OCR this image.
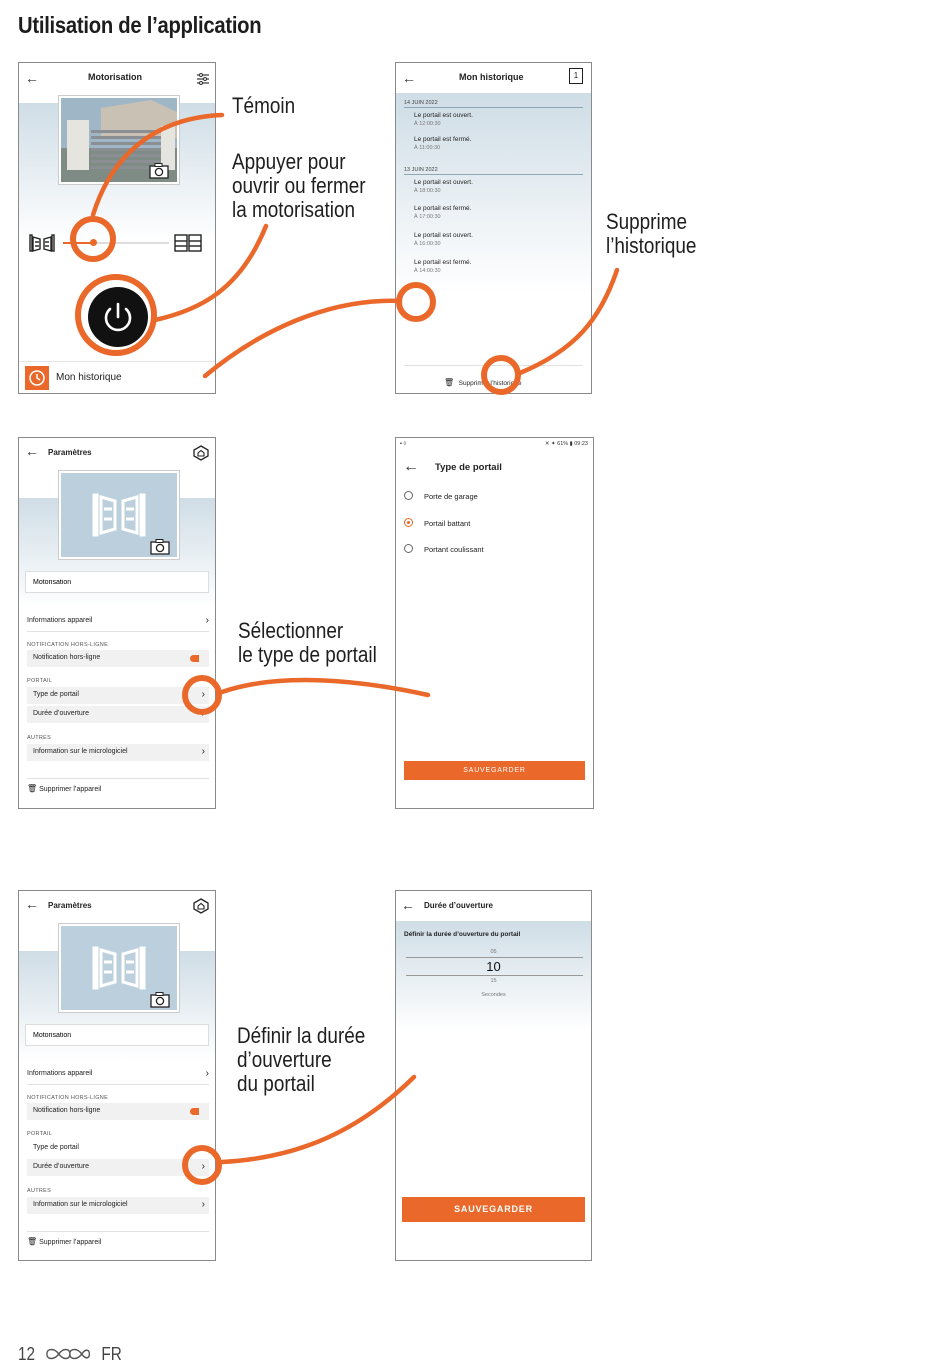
Utilisation de l’application
←	Motorisation
Mon historique
←	Mon historique	1
14 JUIN 2022
Le portail est ouvert.
À 12:00:30
Le portail est fermé.
À 11:00:30
13 JUIN 2022
Le portail est ouvert.
À 18:00:30
Le portail est fermé.
À 17:00:30
Le portail est ouvert.
À 16:00:30
Le portail est fermé.
À 14:00:30
🗑 Supprimer l’historique
← Paramètres
Motorisation
Informations appareil	›
NOTIFICATION HORS-LIGNE
Notification hors-ligne
PORTAIL
Type de portail	›
Durée d’ouverture	›
AUTRES
Information sur le micrologiciel	›
🗑 Supprimer l’appareil
✕ ✦ 61% ▮ 09:23
▪ ◊
← Type de portail
Porte de garage
Portail battant
Portant coulissant
SAUVEGARDER
← Paramètres
Motorisation
Informations appareil	›
NOTIFICATION HORS-LIGNE
Notification hors-ligne
PORTAIL
Type de portail
Durée d’ouverture	›
AUTRES
Information sur le micrologiciel	›
🗑 Supprimer l’appareil
← Durée d’ouverture
Définir la durée d’ouverture du portail
05
10
15
Secondes
SAUVEGARDER
Témoin
Appuyer pour
ouvrir ou fermer
la motorisation	Supprime
l’historique
Sélectionner
le type de portail
Définir la durée
d’ouverture
du portail
12	FR
